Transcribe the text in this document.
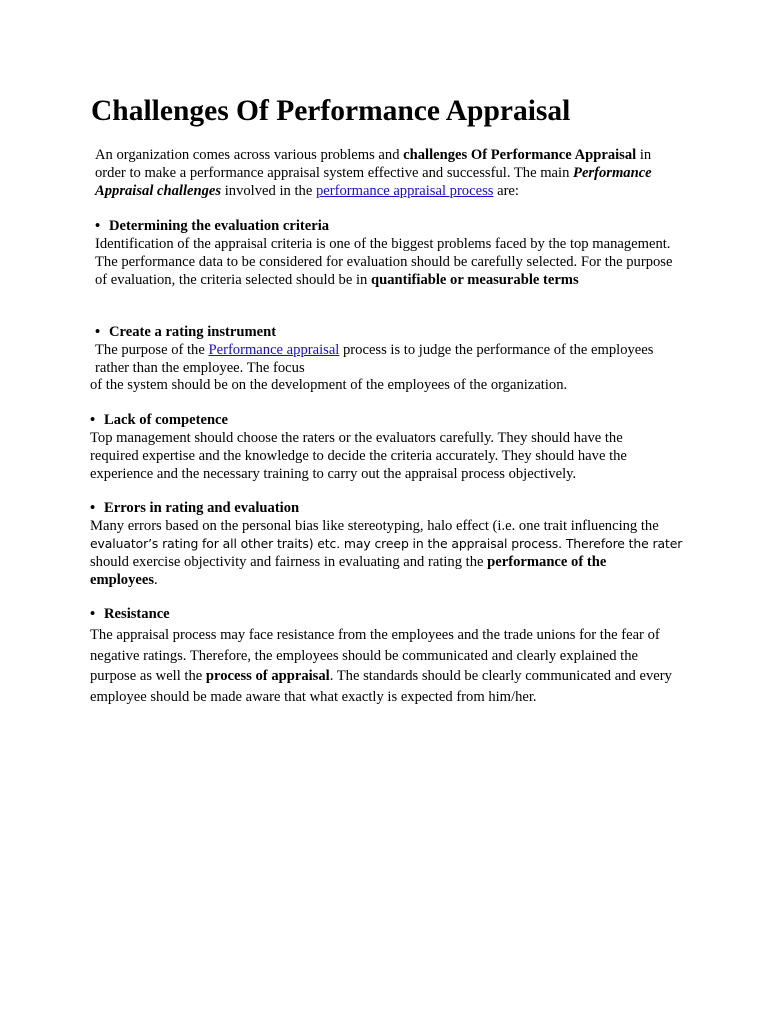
Challenges Of Performance Appraisal

An organization comes across various problems and challenges Of Performance Appraisal in order to make a performance appraisal system effective and successful. The main Performance Appraisal challenges involved in the performance appraisal process are:

• Determining the evaluation criteria

Identification of the appraisal criteria is one of the biggest problems faced by the top management. The performance data to be considered for evaluation should be carefully selected. For the purpose of evaluation, the criteria selected should be in quantifiable or measurable terms

• Create a rating instrument

The purpose of the Performance appraisal process is to judge the performance of the employees rather than the employee. The focus

of the system should be on the development of the employees of the organization.

• Lack of competence

Top management should choose the raters or the evaluators carefully. They should have the required expertise and the knowledge to decide the criteria accurately. They should have the experience and the necessary training to carry out the appraisal process objectively.

• Errors in rating and evaluation

Many errors based on the personal bias like stereotyping, halo effect (i.e. one trait influencing the

evaluator’s rating for all other traits) etc. may creep in the appraisal process. Therefore the rater

should exercise objectivity and fairness in evaluating and rating the performance of the employees.

• Resistance

The appraisal process may face resistance from the employees and the trade unions for the fear of negative ratings. Therefore, the employees should be communicated and clearly explained the purpose as well the process of appraisal. The standards should be clearly communicated and every employee should be made aware that what exactly is expected from him/her.
